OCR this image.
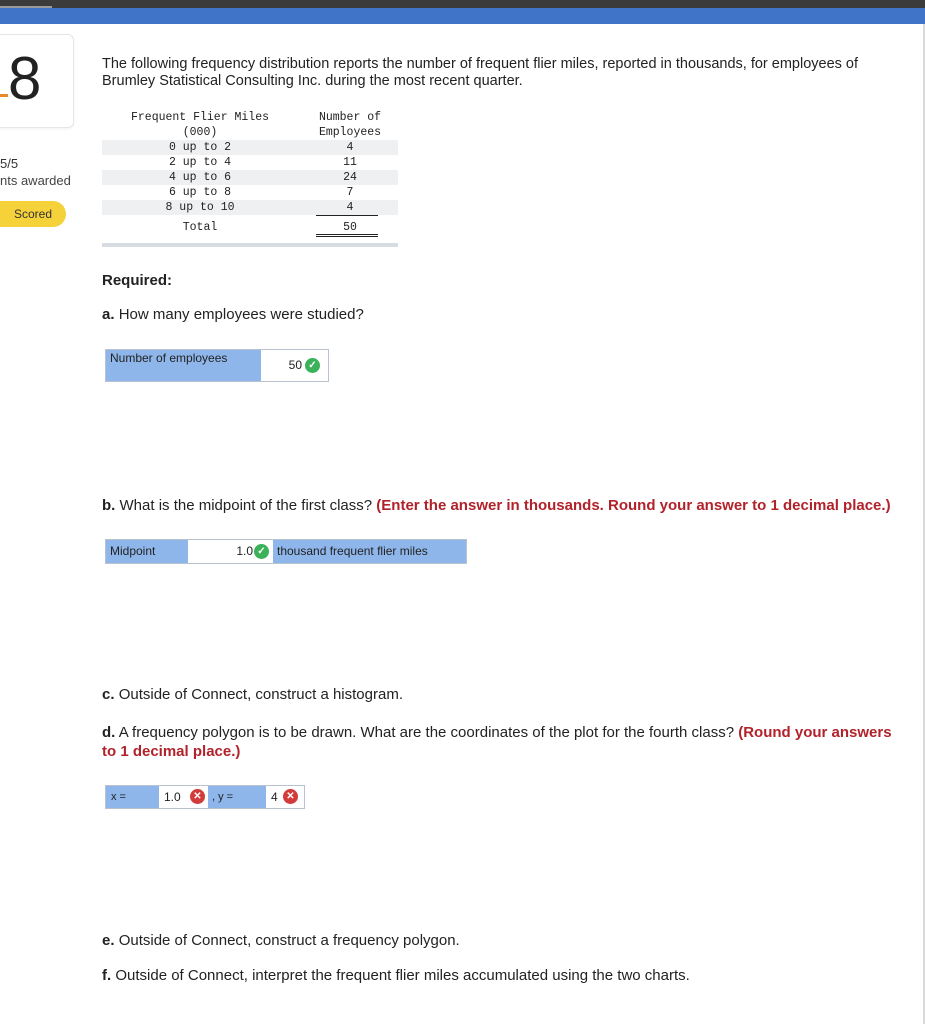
8
5/5
nts awarded
Scored
The following frequency distribution reports the number of frequent flier miles, reported in thousands, for employees of Brumley Statistical Consulting Inc. during the most recent quarter.
Frequent Flier Miles	Number of
(000)	Employees
0 up to 2	4
2 up to 4	11
4 up to 6	24
6 up to 8	7
8 up to 10	4
Total	50
Required:
a. How many employees were studied?
Number of employees	50 ✓
b. What is the midpoint of the first class? (Enter the answer in thousands. Round your answer to 1 decimal place.)
Midpoint	1.0 ✓ thousand frequent flier miles
c. Outside of Connect, construct a histogram.
d. A frequency polygon is to be drawn. What are the coordinates of the plot for the fourth class? (Round your answers to 1 decimal place.)
x =	1.0	✕ , y =	4 ✕
e. Outside of Connect, construct a frequency polygon.
f. Outside of Connect, interpret the frequent flier miles accumulated using the two charts.
